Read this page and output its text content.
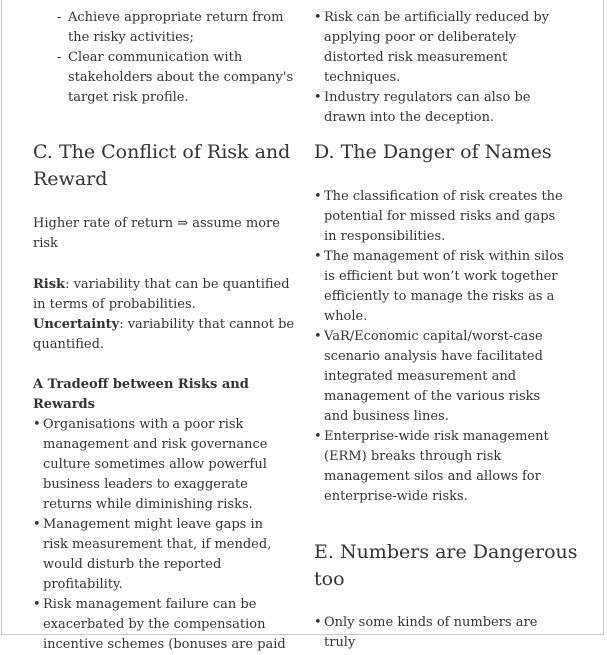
- Achieve appropriate return from the risky activities;
- Clear communication with stakeholders about the company's target risk profile.
C. The Conflict of Risk and Reward

Higher rate of return ⇒ assume more risk

Risk: variability that can be quantified in terms of probabilities.

Uncertainty: variability that cannot be quantified.

A Tradeoff between Risks and Rewards
• Organisations with a poor risk management and risk governance culture sometimes allow powerful business leaders to exaggerate returns while diminishing risks.
• Management might leave gaps in risk measurement that, if mended, would disturb the reported profitability.
• Risk management failure can be exacerbated by the compensation incentive schemes (bonuses are paid
• Risk can be artificially reduced by applying poor or deliberately distorted risk measurement techniques.
• Industry regulators can also be drawn into the deception.
D. The Danger of Names
• The classification of risk creates the potential for missed risks and gaps in responsibilities.
• The management of risk within silos is efficient but won’t work together efficiently to manage the risks as a whole.
• VaR/Economic capital/worst-case scenario analysis have facilitated integrated measurement and management of the various risks and business lines.
• Enterprise-wide risk management (ERM) breaks through risk management silos and allows for enterprise-wide risks.
E. Numbers are Dangerous too
• Only some kinds of numbers are truly
